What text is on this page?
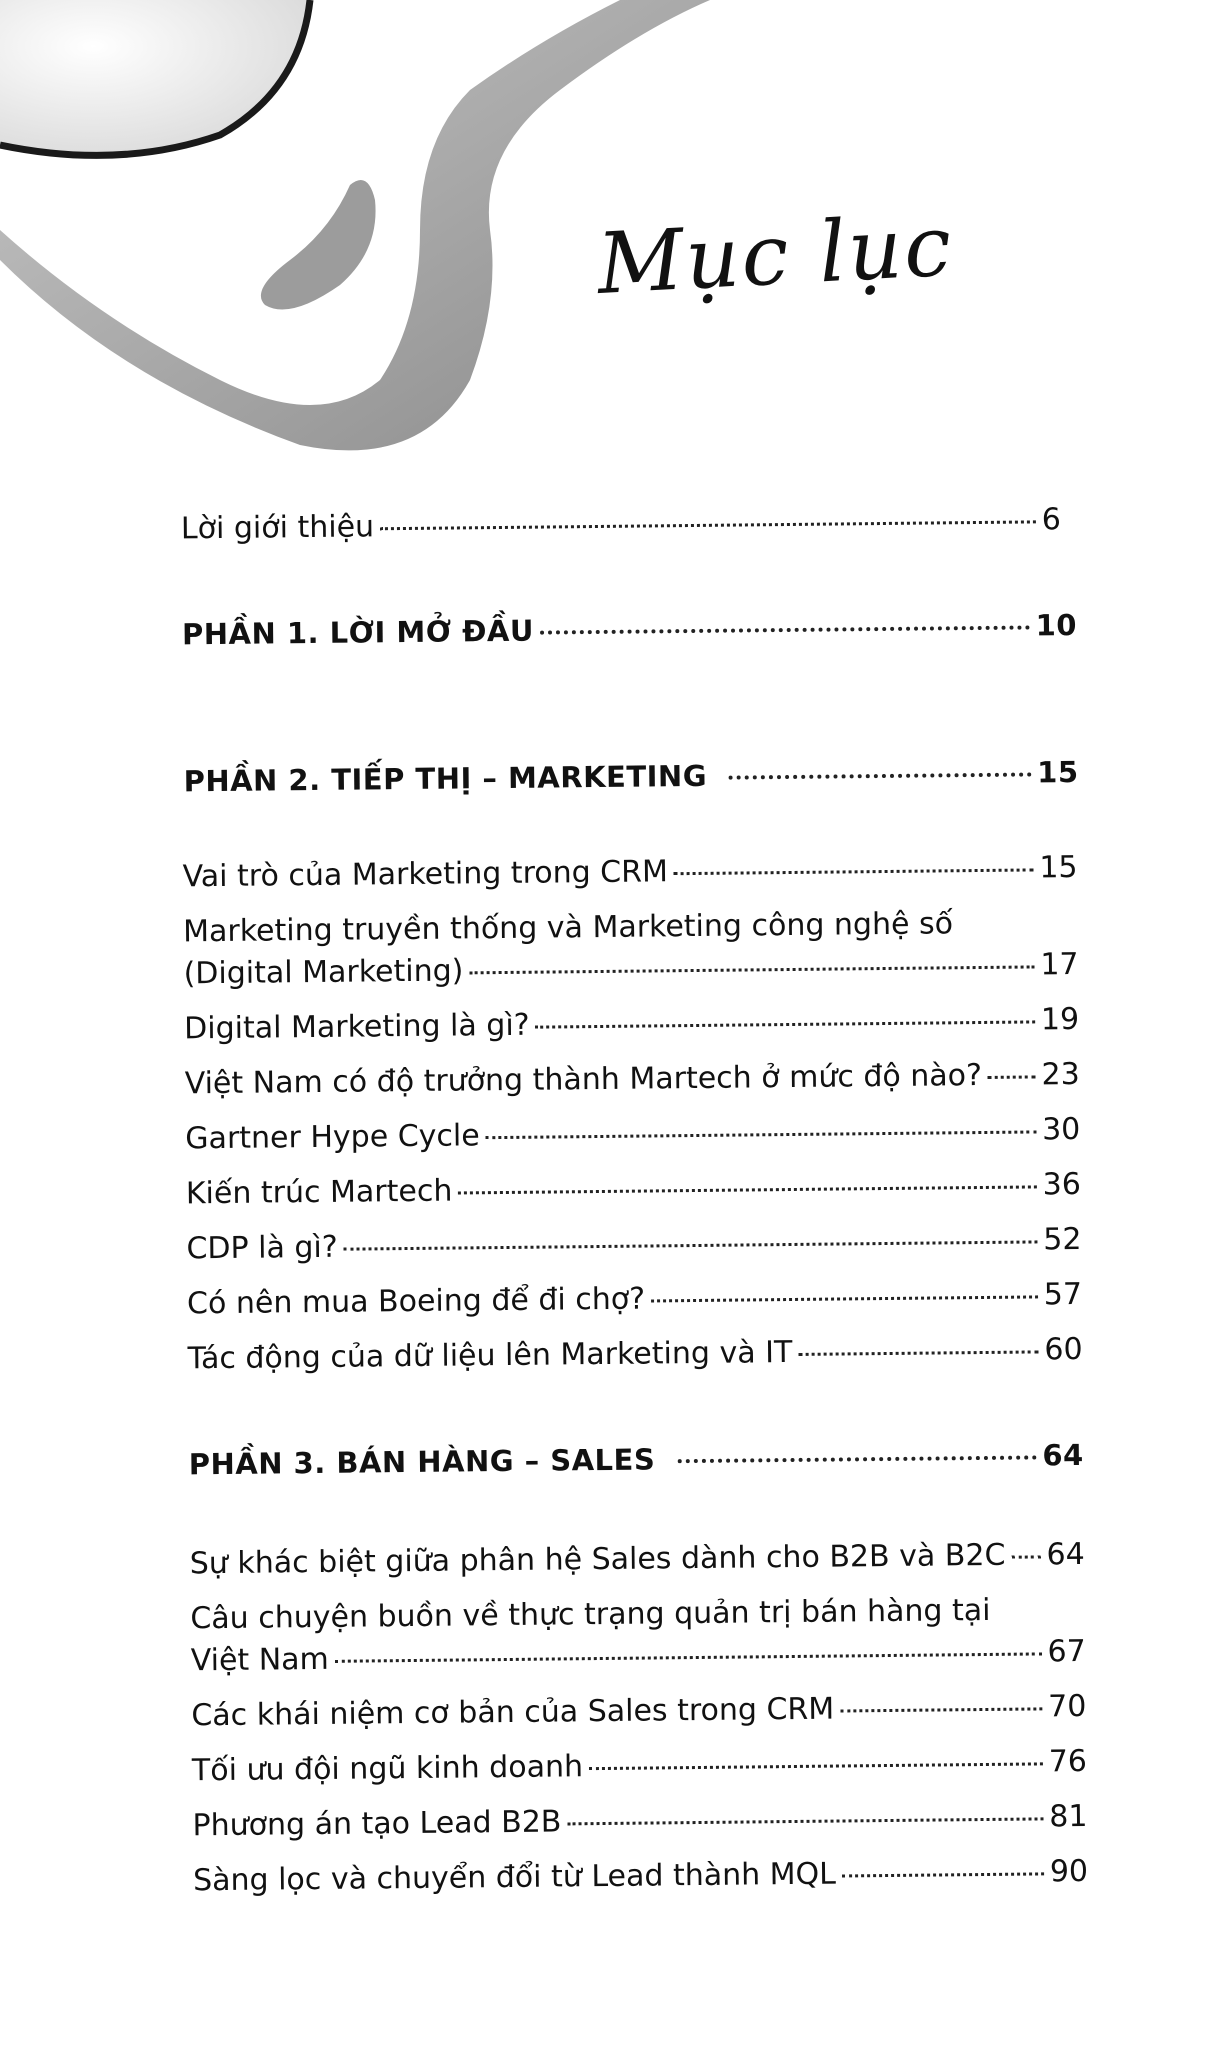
Mục lục
Lời giới thiệu	6
PHẦN 1. LỜI MỞ ĐẦU	10
PHẦN 2. TIẾP THỊ – MARKETING	15
Vai trò của Marketing trong CRM	15
Marketing truyền thống và Marketing công nghệ số
(Digital Marketing)	17
Digital Marketing là gì?	19
Việt Nam có độ trưởng thành Martech ở mức độ nào? 23
Gartner Hype Cycle	30
Kiến trúc Martech	36
CDP là gì?	52
Có nên mua Boeing để đi chợ?	57
Tác động của dữ liệu lên Marketing và IT	60
PHẦN 3. BÁN HÀNG – SALES	64
Sự khác biệt giữa phân hệ Sales dành cho B2B và B2C 64
Câu chuyện buồn về thực trạng quản trị bán hàng tại
Việt Nam	67
Các khái niệm cơ bản của Sales trong CRM	70
Tối ưu đội ngũ kinh doanh	76
Phương án tạo Lead B2B	81
Sàng lọc và chuyển đổi từ Lead thành MQL	90
